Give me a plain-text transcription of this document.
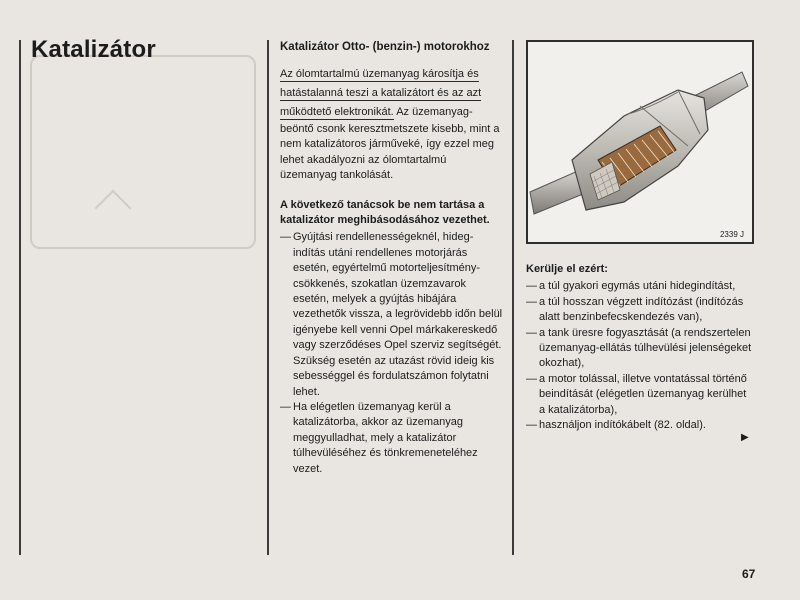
Katalizátor	Katalizátor Otto- (benzin-) motorokhoz

Az ólomtartalmú üzemanyag károsítja és hatástalanná teszi a katalizátort és az azt működtető elektronikát. Az üzemanyag-beöntő csonk keresztmetszete kisebb, mint a nem katalizátoros járműveké, így ezzel meg lehet akadályozni az ólomtartalmú üzemanyag tankolását.

A következő tanácsok be nem tartása a katalizátor meghibásodásához vezethet.

— Gyújtási rendellenességeknél, hideg-indítás utáni rendellenes motorjárás esetén, egyértelmű motorteljesítmény-csökkenés, szokatlan üzemzavarok esetén, melyek a gyújtás hibájára vezethetők vissza, a legrövidebb időn belül igényebe kell venni Opel márkakereskedő vagy szerződéses Opel szerviz segítségét.
Szükség esetén az utazást rövid ideig kis sebességgel és fordulatszámon folytatni lehet.
— Ha elégetlen üzemanyag kerül a katalizátorba, akkor az üzemanyag meggyulladhat, mely a katalizátor túlhevüléséhez és tönkremeneteléhez vezet.
2339 J
Kerülje el ezért:
— a túl gyakori egymás utáni hidegindítást,
— a túl hosszan végzett indítózást (indítózás alatt benzinbefecskendezés van),
— a tank üresre fogyasztását (a rendszertelen üzemanyag-ellátás túlhevülési jelenségeket okozhat),
— a motor tolással, illetve vontatással történő beindítását (elégetlen üzemanyag kerülhet a katalizátorba),
— használjon indítókábelt (82. oldal).
▶
67
